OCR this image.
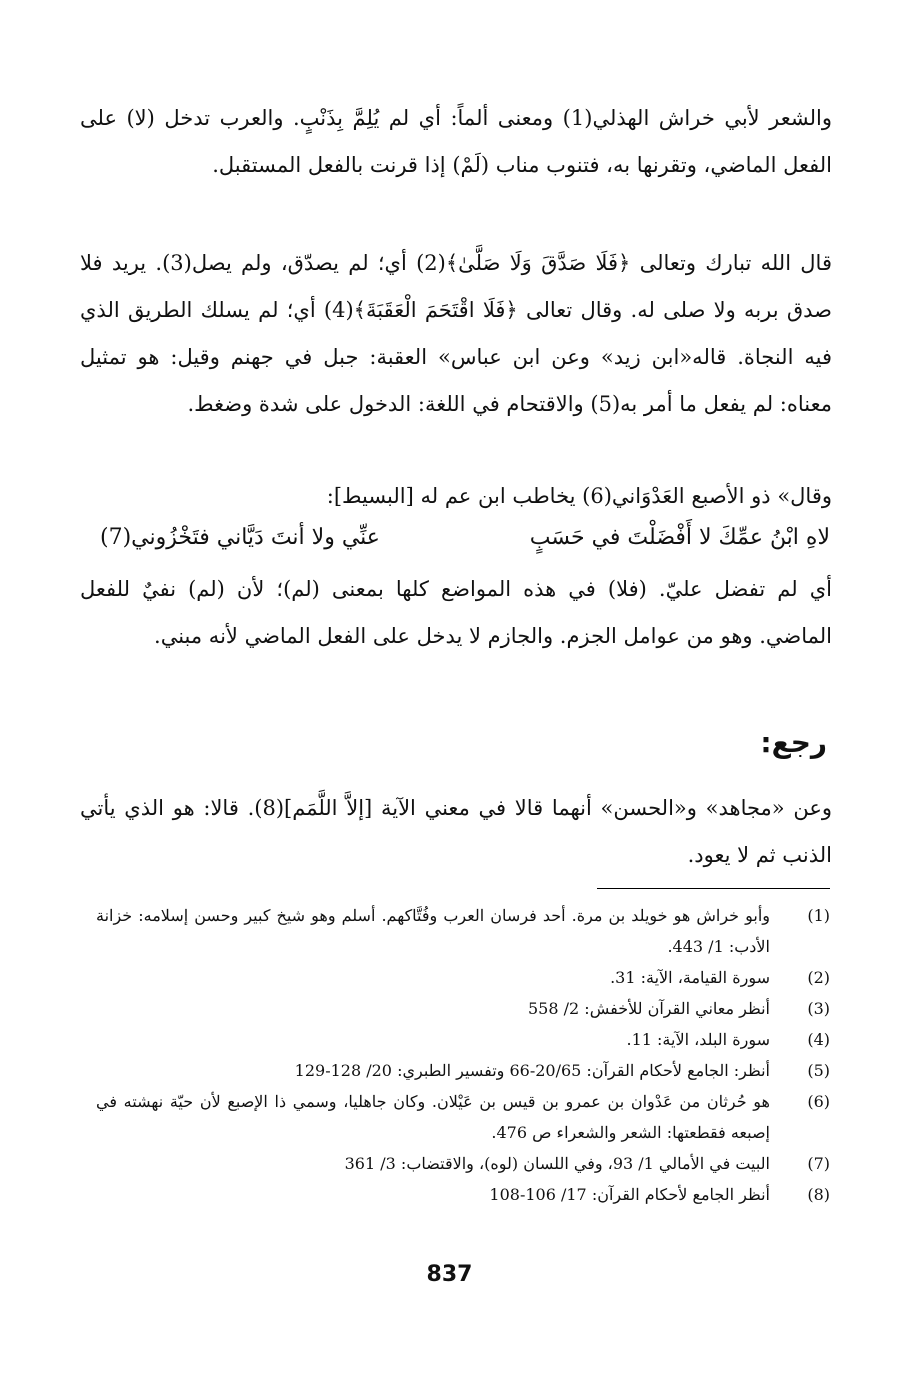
والشعر لأبي خراش الهذلي(1) ومعنى ألماً: أي لم يُلِمَّ بِذَنْبٍ. والعرب تدخل (لا) على الفعل الماضي، وتقرنها به، فتنوب مناب (لَمْ) إذا قرنت بالفعل المستقبل.
قال الله تبارك وتعالى ﴿فَلَا صَدَّقَ وَلَا صَلَّىٰ﴾(2) أي؛ لم يصدّق، ولم يصل(3). يريد فلا صدق بربه ولا صلى له. وقال تعالى ﴿فَلَا اقْتَحَمَ الْعَقَبَةَ﴾(4) أي؛ لم يسلك الطريق الذي فيه النجاة. قاله«ابن زيد» وعن ابن عباس» العقبة: جبل في جهنم وقيل: هو تمثيل معناه: لم يفعل ما أمر به(5) والاقتحام في اللغة: الدخول على شدة وضغط.
وقال» ذو الأصبع العَدْوَاني(6) يخاطب ابن عم له [البسيط]:
لاهِ ابْنُ عمِّكَ لا أَفْضَلْتَ في حَسَبٍ
عنِّي ولا أنتَ دَيَّاني فتَخْزُوني(7)
أي لم تفضل عليّ. (فلا) في هذه المواضع كلها بمعنى (لم)؛ لأن (لم) نفيٌ للفعل الماضي. وهو من عوامل الجزم. والجازم لا يدخل على الفعل الماضي لأنه مبني.
رجع:
وعن «مجاهد» و«الحسن» أنهما قالا في معني الآية [إلاَّ اللَّمَم](8). قالا: هو الذي يأتي الذنب ثم لا يعود.
(1)
وأبو خراش هو خويلد بن مرة. أحد فرسان العرب وفُتَّاكهم. أسلم وهو شيخ كبير وحسن إسلامه: خزانة الأدب: 1/ 443.
(2)
سورة القيامة، الآية: 31.
(3)
أنظر معاني القرآن للأخفش: 2/ 558
(4)
سورة البلد، الآية: 11.
(5)
أنظر: الجامع لأحكام القرآن: 20/65-66 وتفسير الطبري: 20/ 128-129
(6)
هو حُرثان من عَدْوان بن عمرو بن قيس بن عَيْلان. وكان جاهليا، وسمي ذا الإصبع لأن حيّة نهشته في إصبعه فقطعتها: الشعر والشعراء ص 476.
(7)
البيت في الأمالي 1/ 93، وفي اللسان (لوه)، والاقتضاب: 3/ 361
(8)
أنظر الجامع لأحكام القرآن: 17/ 106-108
837
